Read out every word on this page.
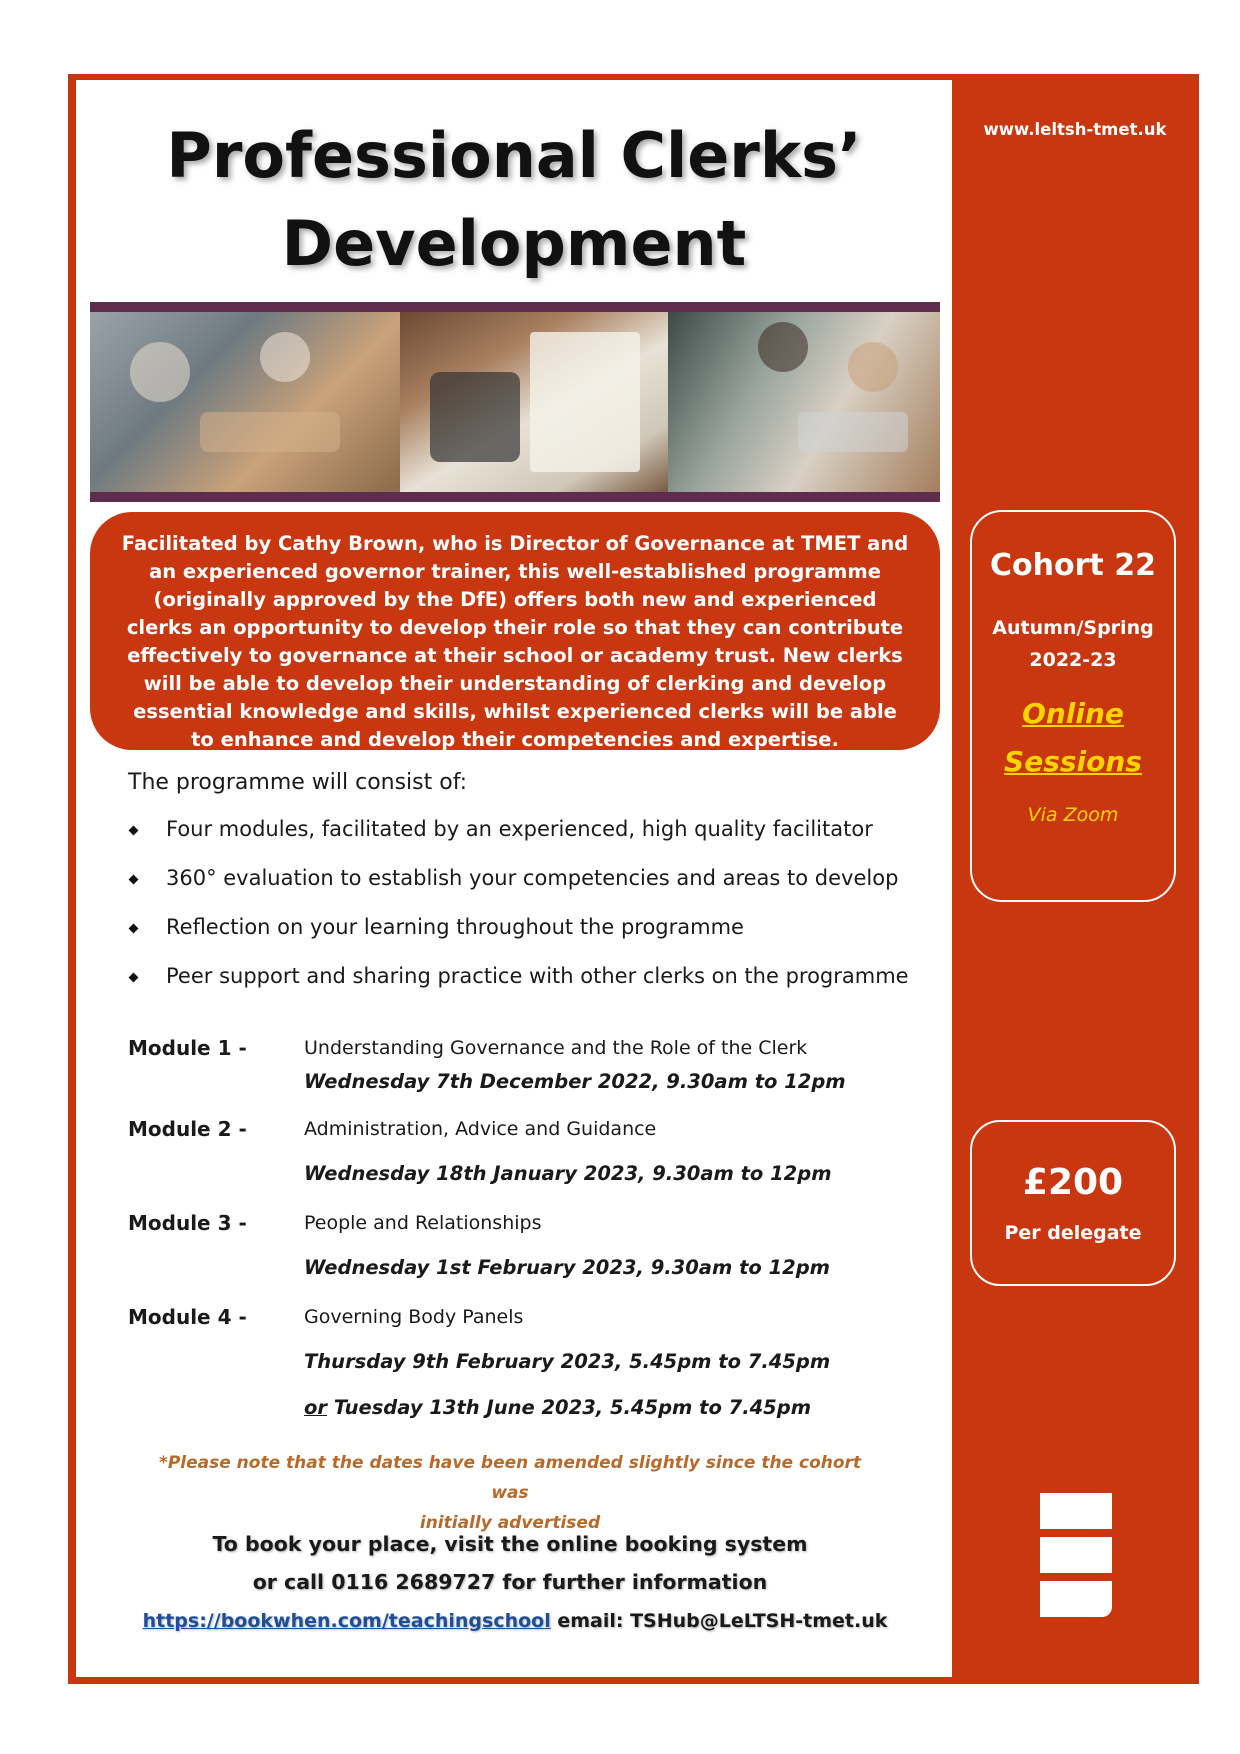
Professional Clerks’
Development

Facilitated by Cathy Brown, who is Director of Governance at TMET and an experienced governor trainer, this well-established programme (originally approved by the DfE) offers both new and experienced clerks an opportunity to develop their role so that they can contribute effectively to governance at their school or academy trust. New clerks will be able to develop their understanding of clerking and develop essential knowledge and skills, whilst experienced clerks will be able to enhance and develop their competencies and expertise.

The programme will consist of:

Four modules, facilitated by an experienced, high quality facilitator
360° evaluation to establish your competencies and areas to develop
Reflection on your learning throughout the programme
Peer support and sharing practice with other clerks on the programme
Module 1 -	Understanding Governance and the Role of the Clerk
Wednesday 7th December 2022, 9.30am to 12pm
Module 2 -	Administration, Advice and Guidance
Wednesday 18th January 2023, 9.30am to 12pm
Module 3 -	People and Relationships
Wednesday 1st February 2023, 9.30am to 12pm
Module 4 -	Governing Body Panels
Thursday 9th February 2023, 5.45pm to 7.45pm
or Tuesday 13th June 2023, 5.45pm to 7.45pm

*Please note that the dates have been amended slightly since the cohort was
initially advertised

To book your place, visit the online booking system
or call 0116 2689727 for further information

https://bookwhen.com/teachingschool email: TSHub@LeLTSH-tmet.uk
www.leltsh-tmet.uk
Cohort 22
Autumn/Spring
2022-23
Online
Sessions
Via Zoom
£200
Per delegate
